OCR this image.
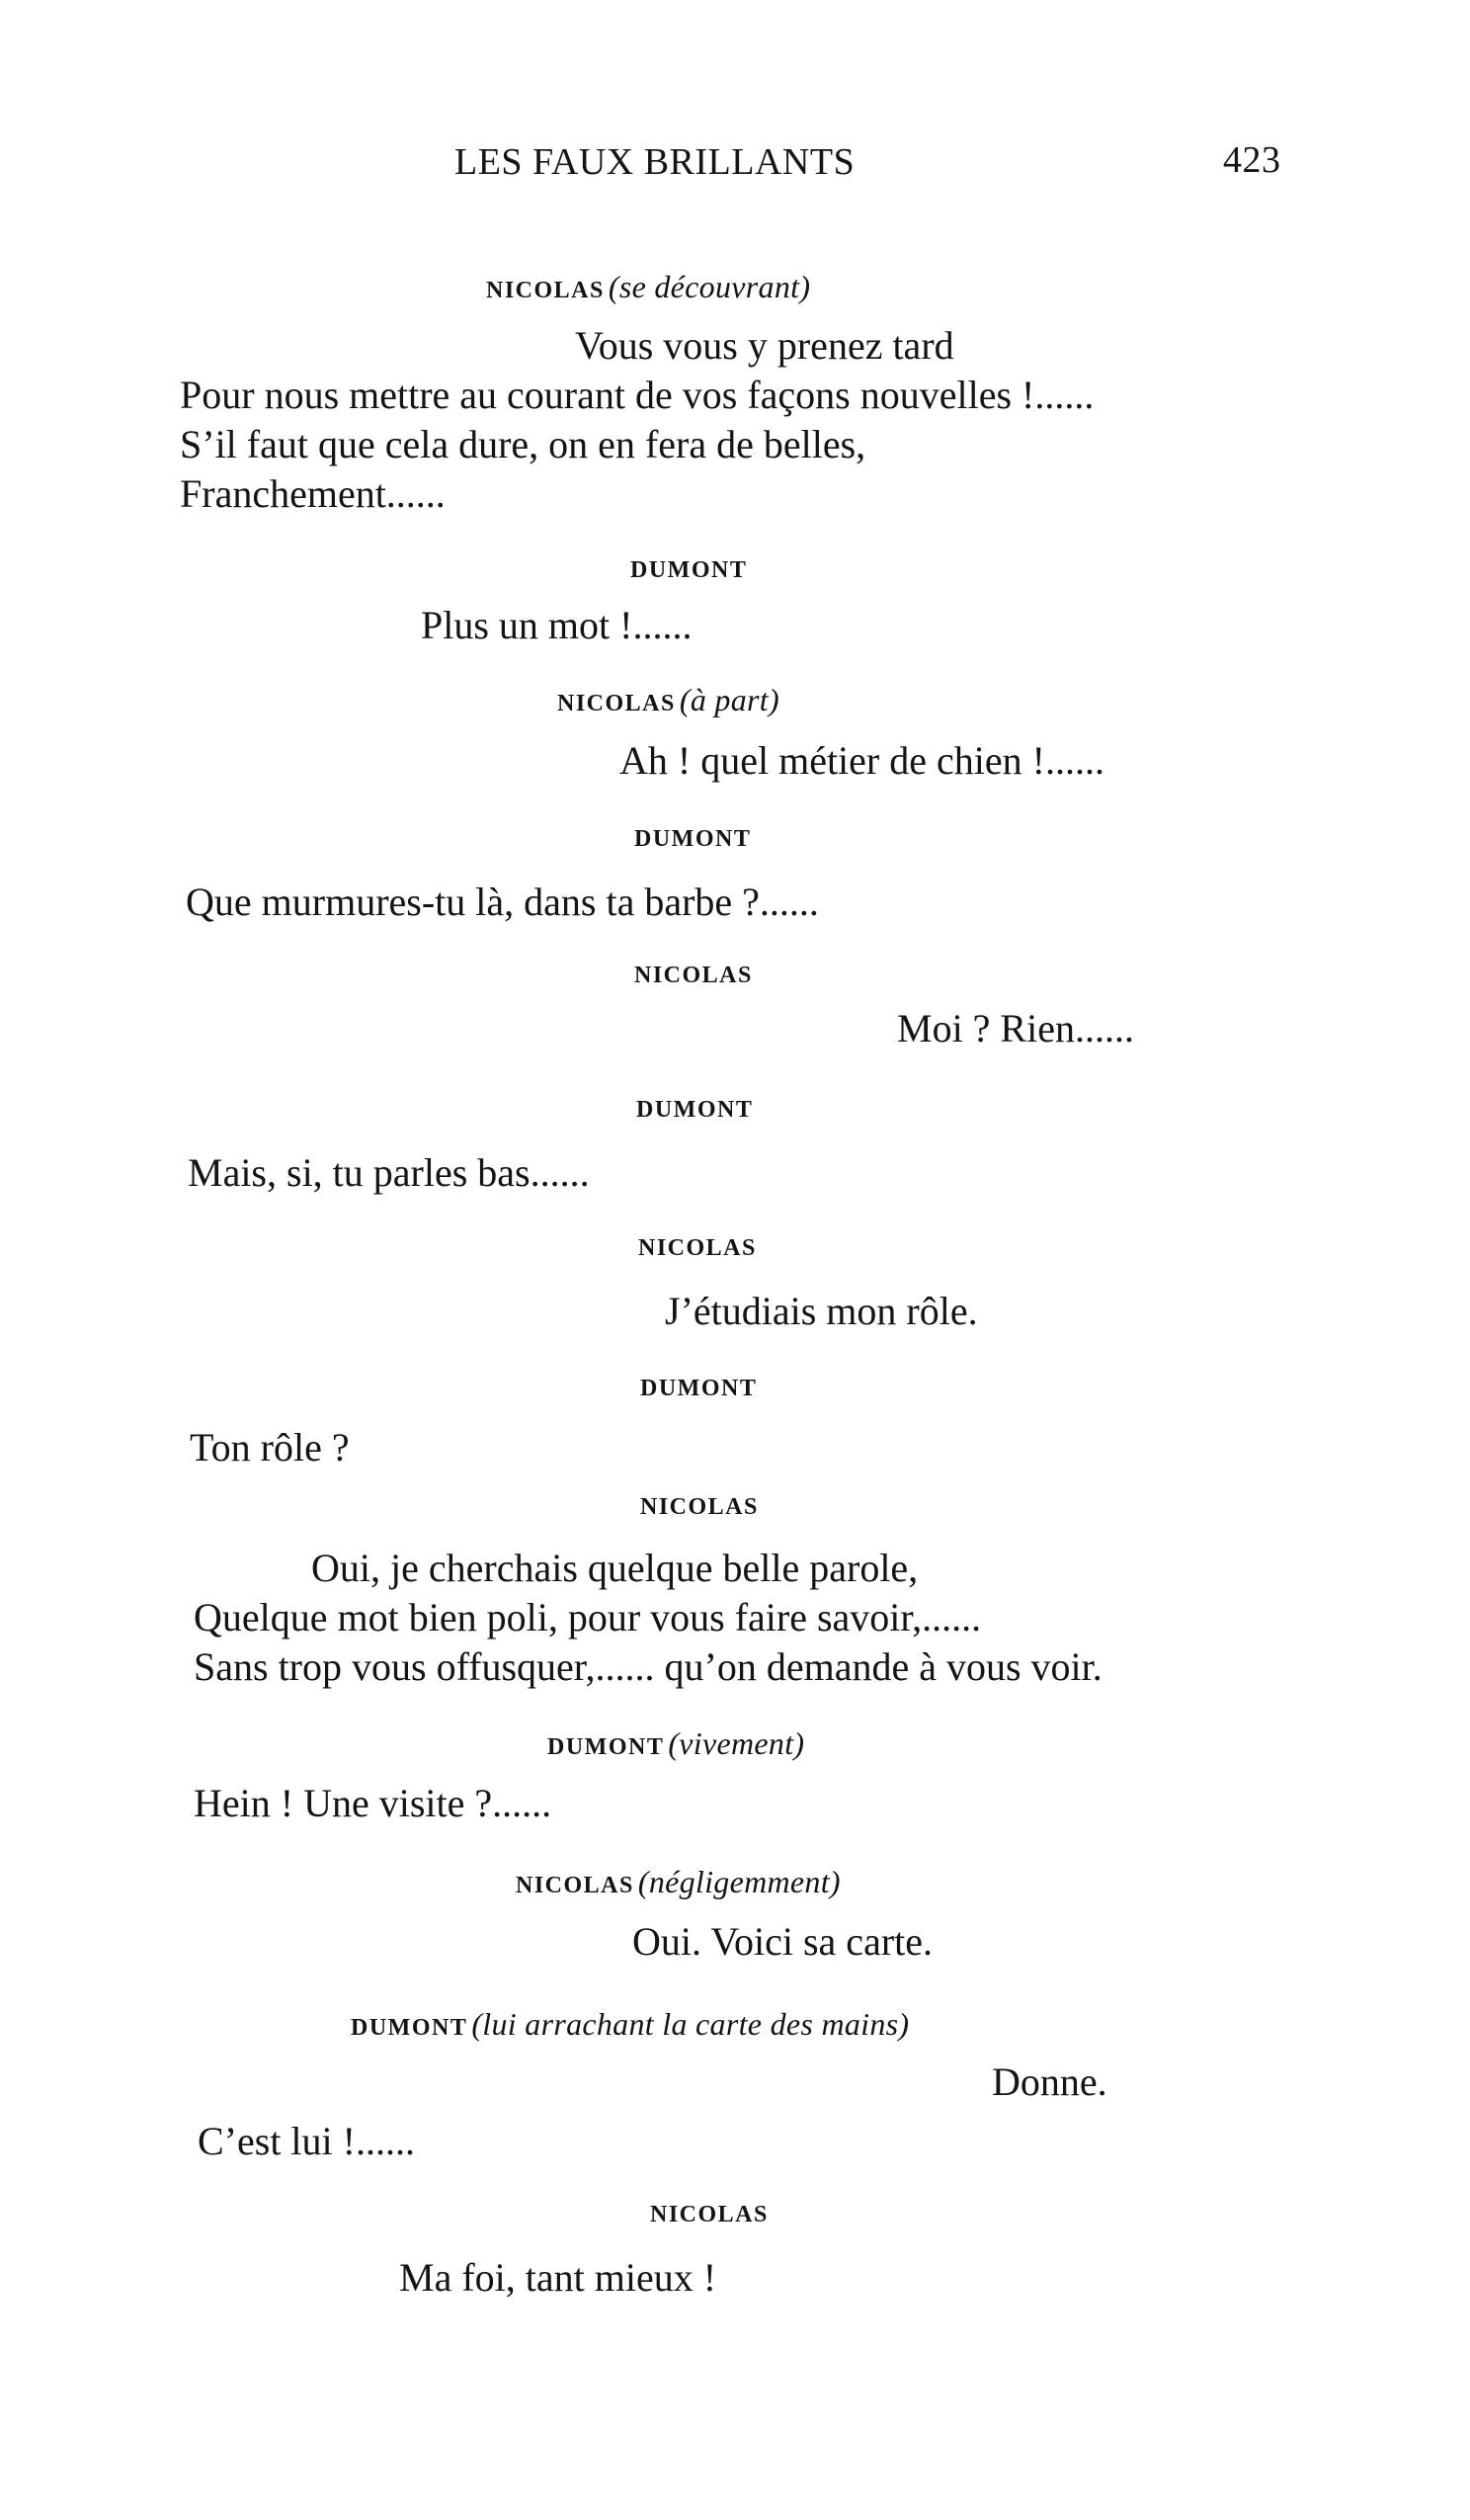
LES FAUX BRILLANTS	423
NICOLAS (se découvrant)
Vous vous y prenez tard
Pour nous mettre au courant de vos façons nouvelles !......
S’il faut que cela dure, on en fera de belles,
Franchement......
DUMONT
Plus un mot !......
NICOLAS (à part)
Ah ! quel métier de chien !......
DUMONT
Que murmures-tu là, dans ta barbe ?......
NICOLAS
Moi ? Rien......
DUMONT
Mais, si, tu parles bas......
NICOLAS
J’étudiais mon rôle.
DUMONT
Ton rôle ?
NICOLAS
Oui, je cherchais quelque belle parole,
Quelque mot bien poli, pour vous faire savoir,......
Sans trop vous offusquer,...... qu’on demande à vous voir.
DUMONT (vivement)
Hein ! Une visite ?......
NICOLAS (négligemment)
Oui. Voici sa carte.
DUMONT (lui arrachant la carte des mains)
Donne.
C’est lui !......
NICOLAS
Ma foi, tant mieux !
